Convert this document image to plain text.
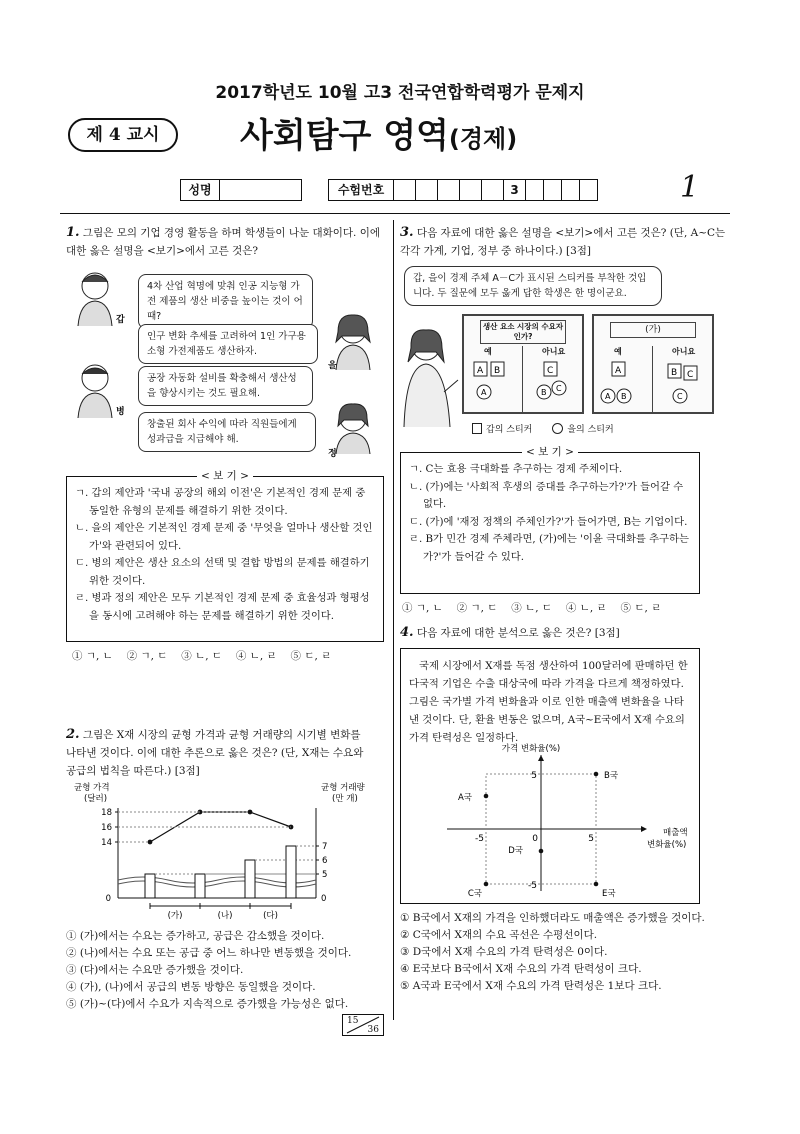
2017학년도 10월 고3 전국연합학력평가 문제지
제 4 교시	사회탐구 영역(경제)
성명	수험번호	3	1
1. 그림은 모의 기업 경영 활동을 하며 학생들이 나눈 대화이다. 이에 대한 옳은 설명을 <보기>에서 고른 것은?
갑
4차 산업 혁명에 맞춰 인공 지능형 가전 제품의 생산 비중을 높이는 것이 어때?
을
인구 변화 추세를 고려하여 1인 가구용 소형 가전제품도 생산하자.
병
공장 자동화 설비를 확충해서 생산성을 향상시키는 것도 필요해.
정
창출된 회사 수익에 따라 직원들에게 성과급을 지급해야 해.
< 보 기 >
ㄱ. 갑의 제안과 '국내 공장의 해외 이전'은 기본적인 경제 문제 중 동일한 유형의 문제를 해결하기 위한 것이다.
ㄴ. 을의 제안은 기본적인 경제 문제 중 '무엇을 얼마나 생산할 것인가'와 관련되어 있다.
ㄷ. 병의 제안은 생산 요소의 선택 및 결합 방법의 문제를 해결하기 위한 것이다.
ㄹ. 병과 정의 제안은 모두 기본적인 경제 문제 중 효율성과 형평성을 동시에 고려해야 하는 문제를 해결하기 위한 것이다.
① ㄱ, ㄴ　 ② ㄱ, ㄷ　 ③ ㄴ, ㄷ　 ④ ㄴ, ㄹ　 ⑤ ㄷ, ㄹ
2. 그림은 X재 시장의 균형 가격과 균형 거래량의 시기별 변화를
나타낸 것이다. 이에 대한 추론으로 옳은 것은? (단, X재는 수요와
공급의 법칙을 따른다.) [3점]
균형 가격
(달러)
균형 거래량
(만 개)
0	0
14
16
18
5
6
7
(가)	(나)	(다)
① (가)에서는 수요는 증가하고, 공급은 감소했을 것이다.
② (나)에서는 수요 또는 공급 중 어느 하나만 변동했을 것이다.
③ (다)에서는 수요만 증가했을 것이다.
④ (가), (나)에서 공급의 변동 방향은 동일했을 것이다.
⑤ (가)~(다)에서 수요가 지속적으로 증가했을 가능성은 없다.
3. 다음 자료에 대한 옳은 설명을 <보기>에서 고른 것은? (단, A~C는 각각 가계, 기업, 정부 중 하나이다.) [3점]
갑, 을이 경제 주체 A－C가 표시된 스티커를 부착한 것입니다. 두 질문에 모두 옳게 답한 학생은 한 명이군요.
생산 요소 시장의 수요자인가?
예	아니요
A B	C
A	B C
(가)
예	아니요
A	B C
A B	C
갑의 스티커	을의 스티커
< 보 기 >
ㄱ. C는 효용 극대화를 추구하는 경제 주체이다.
ㄴ. (가)에는 '사회적 후생의 증대를 추구하는가?'가 들어갈 수 없다.
ㄷ. (가)에 '재정 정책의 주체인가?'가 들어가면, B는 기업이다.
ㄹ. B가 민간 경제 주체라면, (가)에는 '이윤 극대화를 추구하는가?'가 들어갈 수 있다.
① ㄱ, ㄴ　 ② ㄱ, ㄷ　 ③ ㄴ, ㄷ　 ④ ㄴ, ㄹ　 ⑤ ㄷ, ㄹ
4. 다음 자료에 대한 분석으로 옳은 것은? [3점]
국제 시장에서 X재를 독점 생산하여 100달러에 판매하던 한 다국적 기업은 수출 대상국에 따라 가격을 다르게 책정하였다. 그림은 국가별 가격 변화율과 이로 인한 매출액 변화율을 나타낸 것이다. 단, 환율 변동은 없으며, A국~E국에서 X재 수요의 가격 탄력성은 일정하다.
가격 변화율(%)
매출액
변화율(%)
-5	5
0
5
-5
A국
B국
C국
D국
E국
① B국에서 X재의 가격을 인하했더라도 매출액은 증가했을 것이다.
② C국에서 X재의 수요 곡선은 수평선이다.
③ D국에서 X재 수요의 가격 탄력성은 0이다.
④ E국보다 B국에서 X재 수요의 가격 탄력성이 크다.
⑤ A국과 E국에서 X재 수요의 가격 탄력성은 1보다 크다.
15
36
